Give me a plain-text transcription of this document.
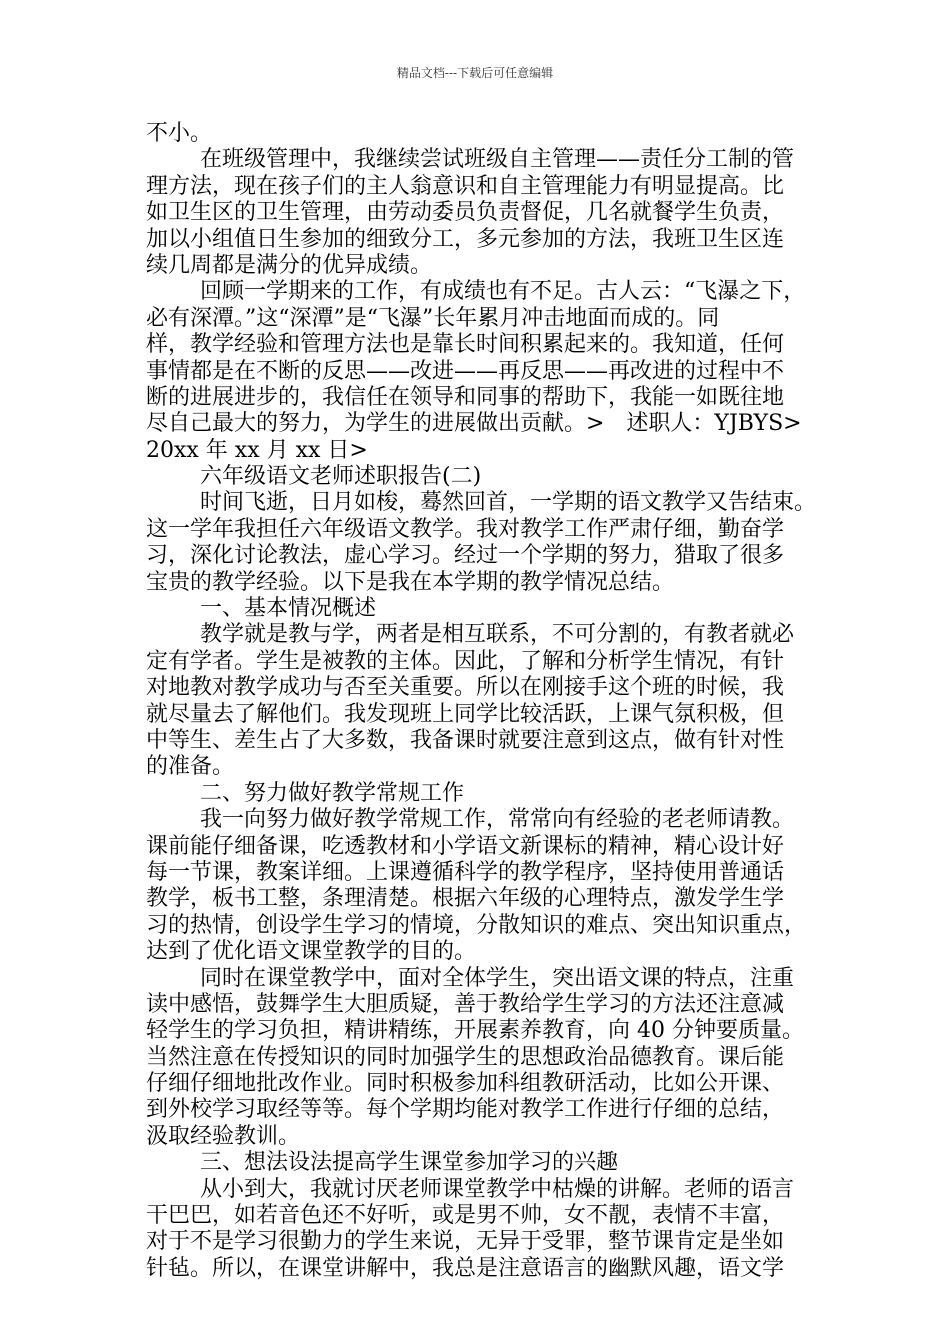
精品文档---下载后可任意编辑
不小。
在班级管理中，我继续尝试班级自主管理——责任分工制的管
理方法，现在孩子们的主人翁意识和自主管理能力有明显提高。比
如卫生区的卫生管理，由劳动委员负责督促，几名就餐学生负责，
加以小组值日生参加的细致分工，多元参加的方法，我班卫生区连
续几周都是满分的优异成绩。
回顾一学期来的工作，有成绩也有不足。古人云：“飞瀑之下，
必有深潭。”这“深潭”是“飞瀑”长年累月冲击地面而成的。同
样，教学经验和管理方法也是靠长时间积累起来的。我知道，任何
事情都是在不断的反思——改进——再反思——再改进的过程中不
断的进展进步的，我信任在领导和同事的帮助下，我能一如既往地
尽自己最大的努力，为学生的进展做出贡献。>　述职人：YJBYS>
20xx 年 xx 月 xx 日>
六年级语文老师述职报告(二)
时间飞逝，日月如梭，蓦然回首，一学期的语文教学又告结束。
这一学年我担任六年级语文教学。我对教学工作严肃仔细，勤奋学
习，深化讨论教法，虚心学习。经过一个学期的努力，猎取了很多
宝贵的教学经验。以下是我在本学期的教学情况总结。
一、基本情况概述
教学就是教与学，两者是相互联系，不可分割的，有教者就必
定有学者。学生是被教的主体。因此，了解和分析学生情况，有针
对地教对教学成功与否至关重要。所以在刚接手这个班的时候，我
就尽量去了解他们。我发现班上同学比较活跃，上课气氛积极，但
中等生、差生占了大多数，我备课时就要注意到这点，做有针对性
的准备。
二、努力做好教学常规工作
我一向努力做好教学常规工作，常常向有经验的老老师请教。
课前能仔细备课，吃透教材和小学语文新课标的精神，精心设计好
每一节课，教案详细。上课遵循科学的教学程序，坚持使用普通话
教学，板书工整，条理清楚。根据六年级的心理特点，激发学生学
习的热情，创设学生学习的情境，分散知识的难点、突出知识重点，
达到了优化语文课堂教学的目的。
同时在课堂教学中，面对全体学生，突出语文课的特点，注重
读中感悟，鼓舞学生大胆质疑，善于教给学生学习的方法还注意减
轻学生的学习负担，精讲精练，开展素养教育，向 40 分钟要质量。
当然注意在传授知识的同时加强学生的思想政治品德教育。课后能
仔细仔细地批改作业。同时积极参加科组教研活动，比如公开课、
到外校学习取经等等。每个学期均能对教学工作进行仔细的总结，
汲取经验教训。
三、想法设法提高学生课堂参加学习的兴趣
从小到大，我就讨厌老师课堂教学中枯燥的讲解。老师的语言
干巴巴，如若音色还不好听，或是男不帅，女不靓，表情不丰富，
对于不是学习很勤力的学生来说，无异于受罪，整节课肯定是坐如
针毡。所以，在课堂讲解中，我总是注意语言的幽默风趣，语文学
